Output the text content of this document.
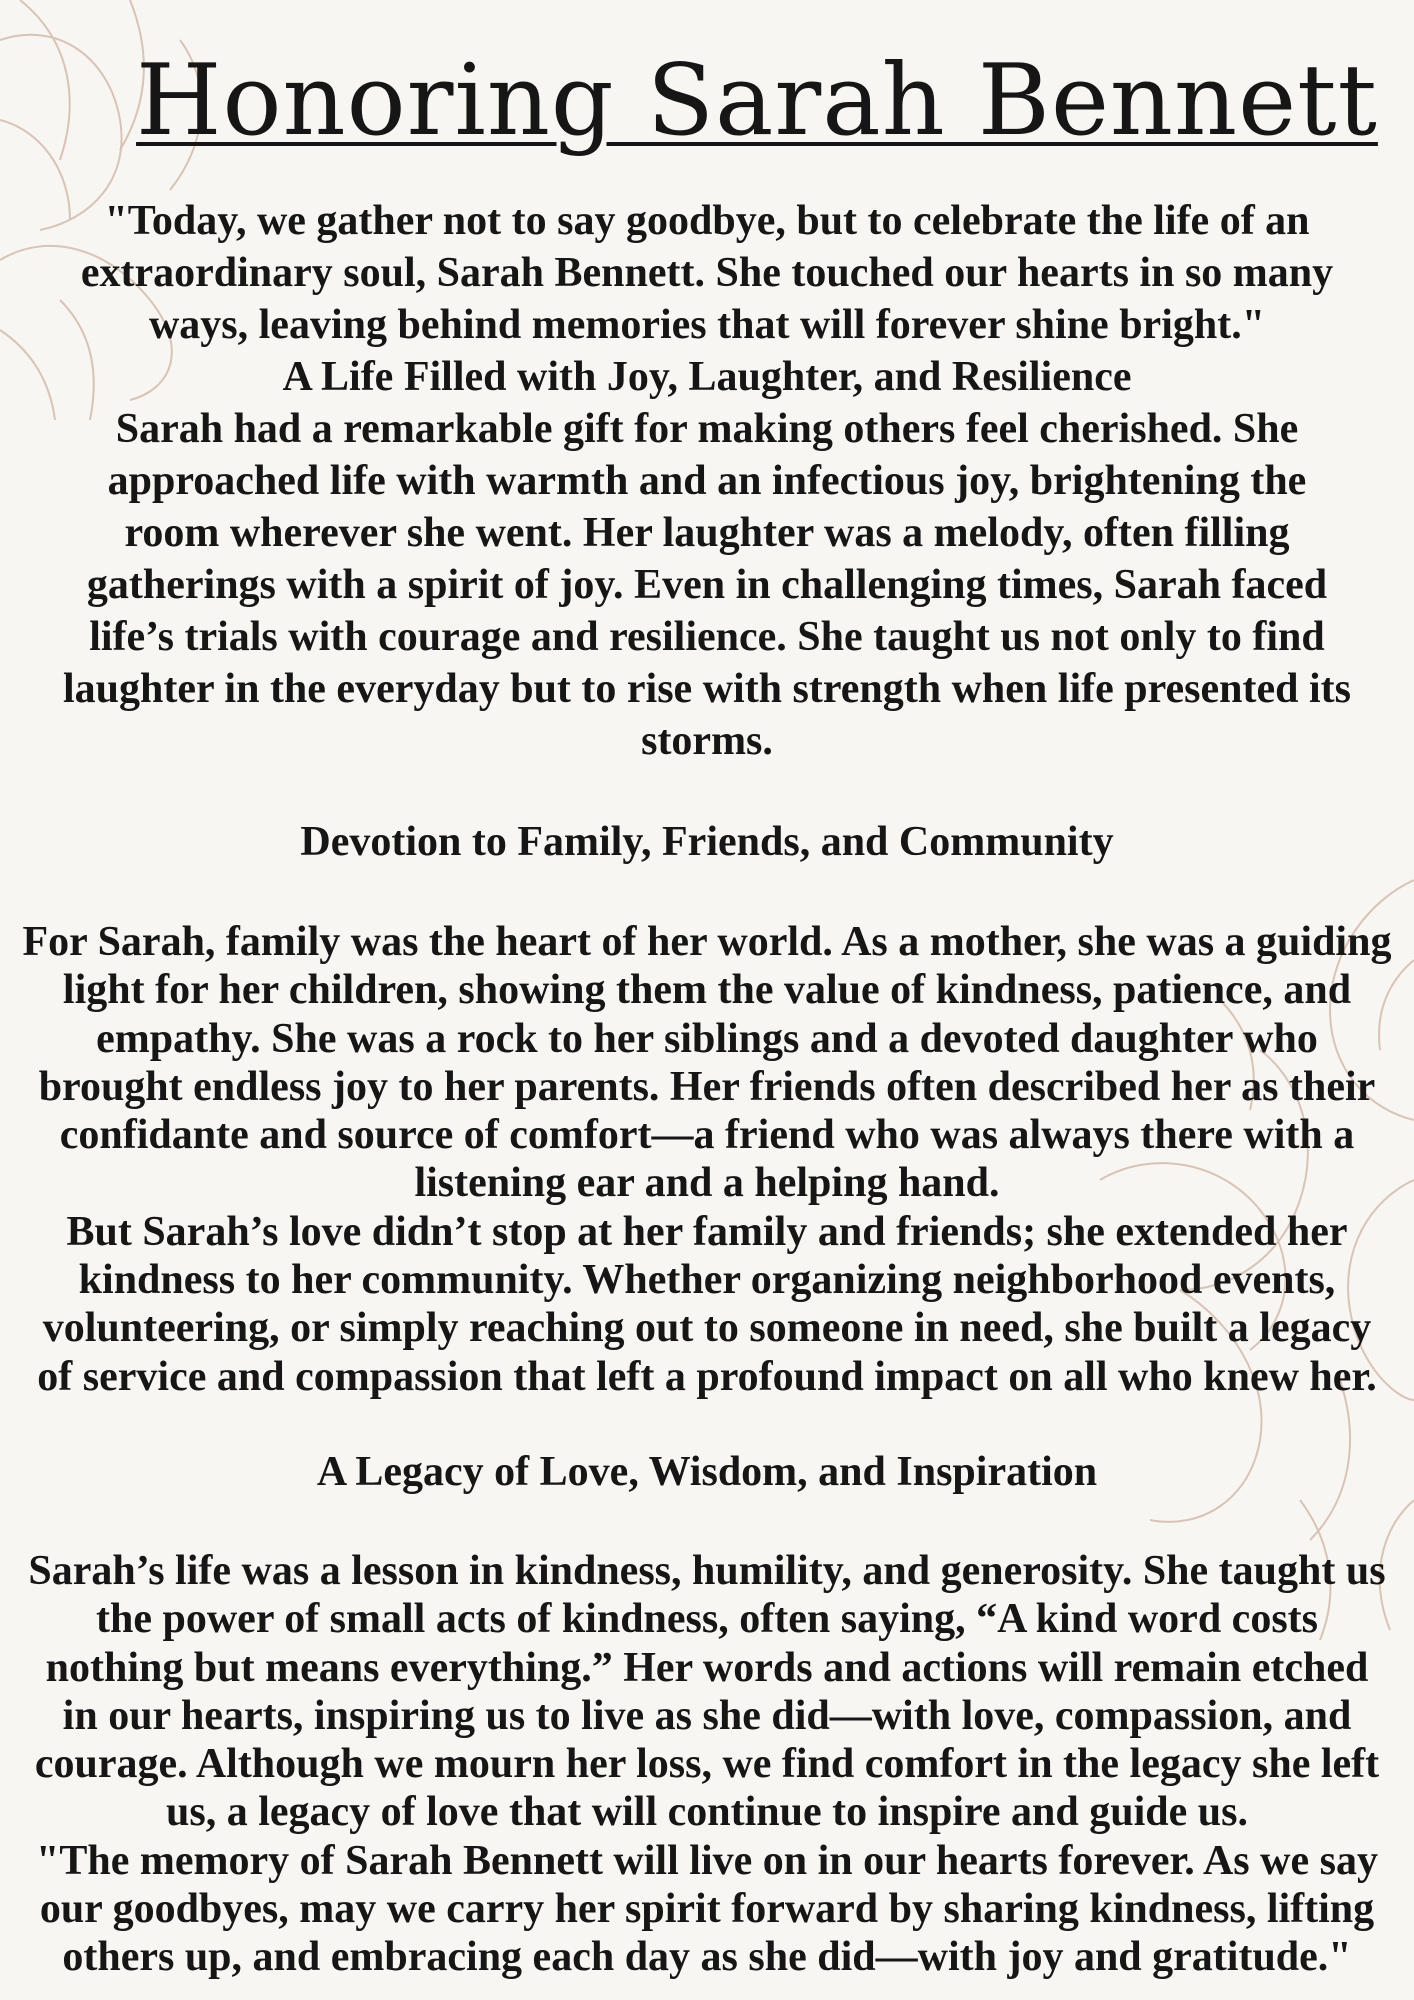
Honoring Sarah Bennett
"Today, we gather not to say goodbye, but to celebrate the life of an
extraordinary soul, Sarah Bennett. She touched our hearts in so many
ways, leaving behind memories that will forever shine bright."
A Life Filled with Joy, Laughter, and Resilience
Sarah had a remarkable gift for making others feel cherished. She
approached life with warmth and an infectious joy, brightening the
room wherever she went. Her laughter was a melody, often filling
gatherings with a spirit of joy. Even in challenging times, Sarah faced
life’s trials with courage and resilience. She taught us not only to find
laughter in the everyday but to rise with strength when life presented its
storms.
Devotion to Family, Friends, and Community
For Sarah, family was the heart of her world. As a mother, she was a guiding
light for her children, showing them the value of kindness, patience, and
empathy. She was a rock to her siblings and a devoted daughter who
brought endless joy to her parents. Her friends often described her as their
confidante and source of comfort—a friend who was always there with a
listening ear and a helping hand.
But Sarah’s love didn’t stop at her family and friends; she extended her
kindness to her community. Whether organizing neighborhood events,
volunteering, or simply reaching out to someone in need, she built a legacy
of service and compassion that left a profound impact on all who knew her.
A Legacy of Love, Wisdom, and Inspiration
Sarah’s life was a lesson in kindness, humility, and generosity. She taught us
the power of small acts of kindness, often saying, “A kind word costs
nothing but means everything.” Her words and actions will remain etched
in our hearts, inspiring us to live as she did—with love, compassion, and
courage. Although we mourn her loss, we find comfort in the legacy she left
us, a legacy of love that will continue to inspire and guide us.
"The memory of Sarah Bennett will live on in our hearts forever. As we say
our goodbyes, may we carry her spirit forward by sharing kindness, lifting
others up, and embracing each day as she did—with joy and gratitude."
